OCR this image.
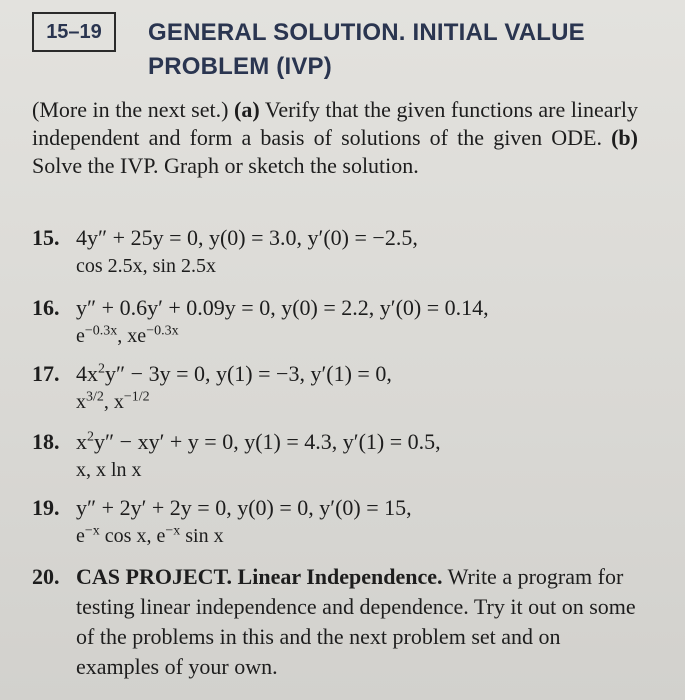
15–19	GENERAL SOLUTION. INITIAL VALUE
PROBLEM (IVP)
(More in the next set.) (a) Verify that the given functions are linearly independent and form a basis of solutions of the given ODE. (b) Solve the IVP. Graph or sketch the solution.
15. 4y″ + 25y = 0, y(0) = 3.0, y′(0) = −2.5,
cos 2.5x, sin 2.5x
16. y″ + 0.6y′ + 0.09y = 0, y(0) = 2.2, y′(0) = 0.14,
$e^{-0.3x}$, $xe^{-0.3x}$
17. $4x^2y'' - 3y = 0$, y(1) = −3, y′(1) = 0,
$x^{3/2}$, $x^{-1/2}$
18. $x^2y'' - xy' + y = 0$, y(1) = 4.3, y′(1) = 0.5,
x, x ln x
19. y″ + 2y′ + 2y = 0, y(0) = 0, y′(0) = 15,
$e^{-x}$ cos x, $e^{-x}$ sin x
20. CAS PROJECT. Linear Independence. Write a program for testing linear independence and dependence. Try it out on some of the problems in this and the next problem set and on examples of your own.
